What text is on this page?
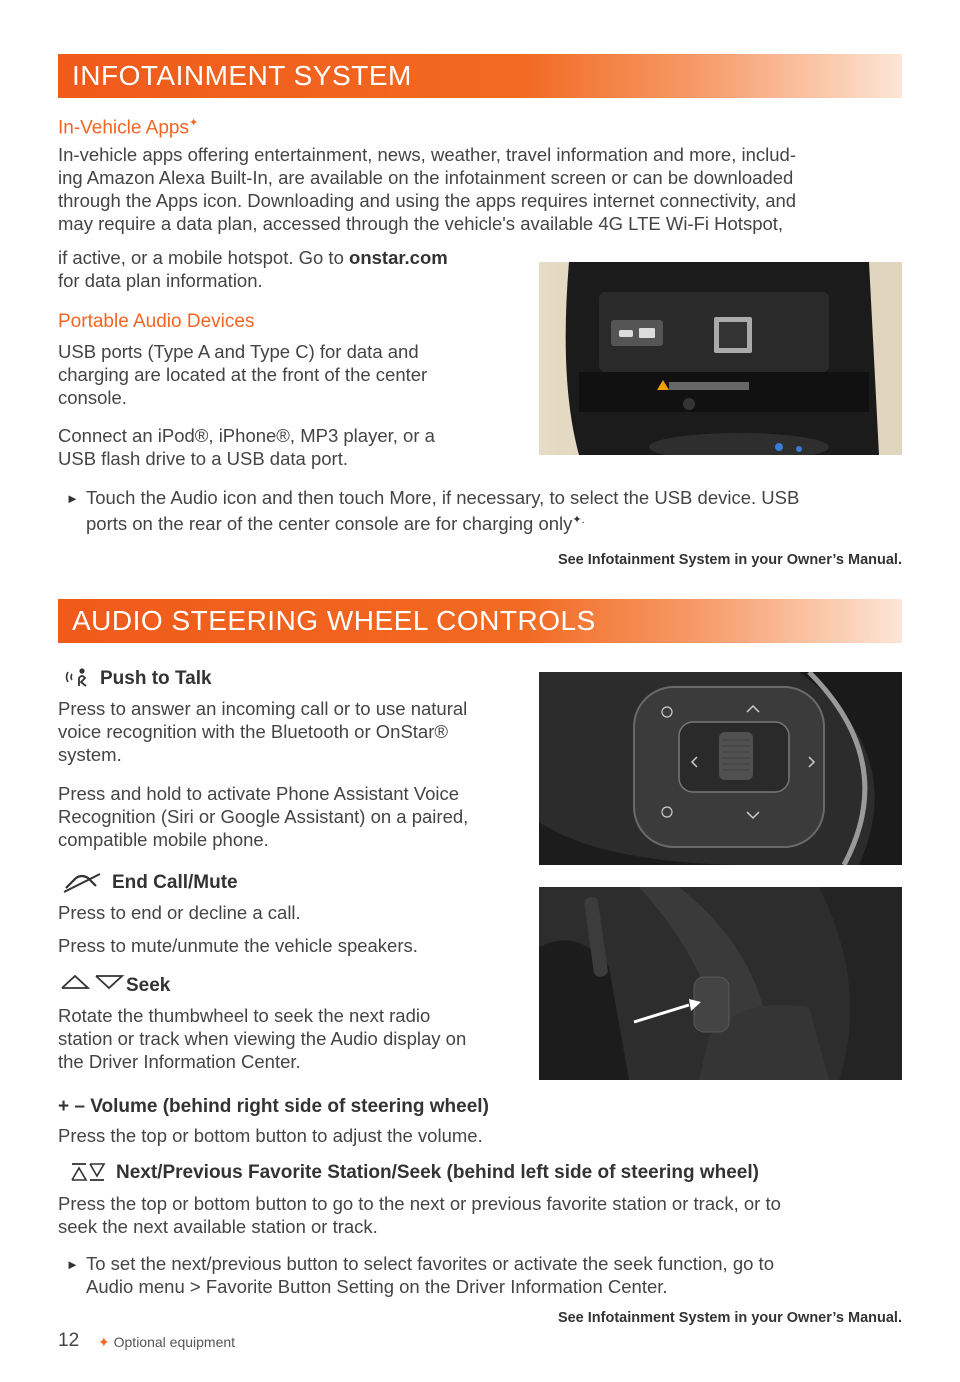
INFOTAINMENT SYSTEM
In-Vehicle Apps✦
In-vehicle apps offering entertainment, news, weather, travel information and more, includ-
ing Amazon Alexa Built-In, are available on the infotainment screen or can be downloaded
through the Apps icon. Downloading and using the apps requires internet connectivity, and
may require a data plan, accessed through the vehicle's available 4G LTE Wi-Fi Hotspot,
if active, or a mobile hotspot. Go to onstar.com
for data plan information.
Portable Audio Devices
USB ports (Type A and Type C) for data and
charging are located at the front of the center
console.
Connect an iPod®, iPhone®, MP3 player, or a
USB flash drive to a USB data port.
► Touch the Audio icon and then touch More, if necessary, to select the USB device. USB
ports on the rear of the center console are for charging only✦.
See Infotainment System in your Owner’s Manual.
AUDIO STEERING WHEEL CONTROLS
Push to Talk
Press to answer an incoming call or to use natural
voice recognition with the Bluetooth or OnStar®
system.
Press and hold to activate Phone Assistant Voice
Recognition (Siri or Google Assistant) on a paired,
compatible mobile phone.
End Call/Mute
Press to end or decline a call.
Press to mute/unmute the vehicle speakers.
Seek
Rotate the thumbwheel to seek the next radio
station or track when viewing the Audio display on
the Driver Information Center.
+ – Volume (behind right side of steering wheel)
Press the top or bottom button to adjust the volume.
Next/Previous Favorite Station/Seek (behind left side of steering wheel)
Press the top or bottom button to go to the next or previous favorite station or track, or to
seek the next available station or track.
► To set the next/previous button to select favorites or activate the seek function, go to
Audio menu > Favorite Button Setting on the Driver Information Center.
See Infotainment System in your Owner’s Manual.
12 ✦ Optional equipment
